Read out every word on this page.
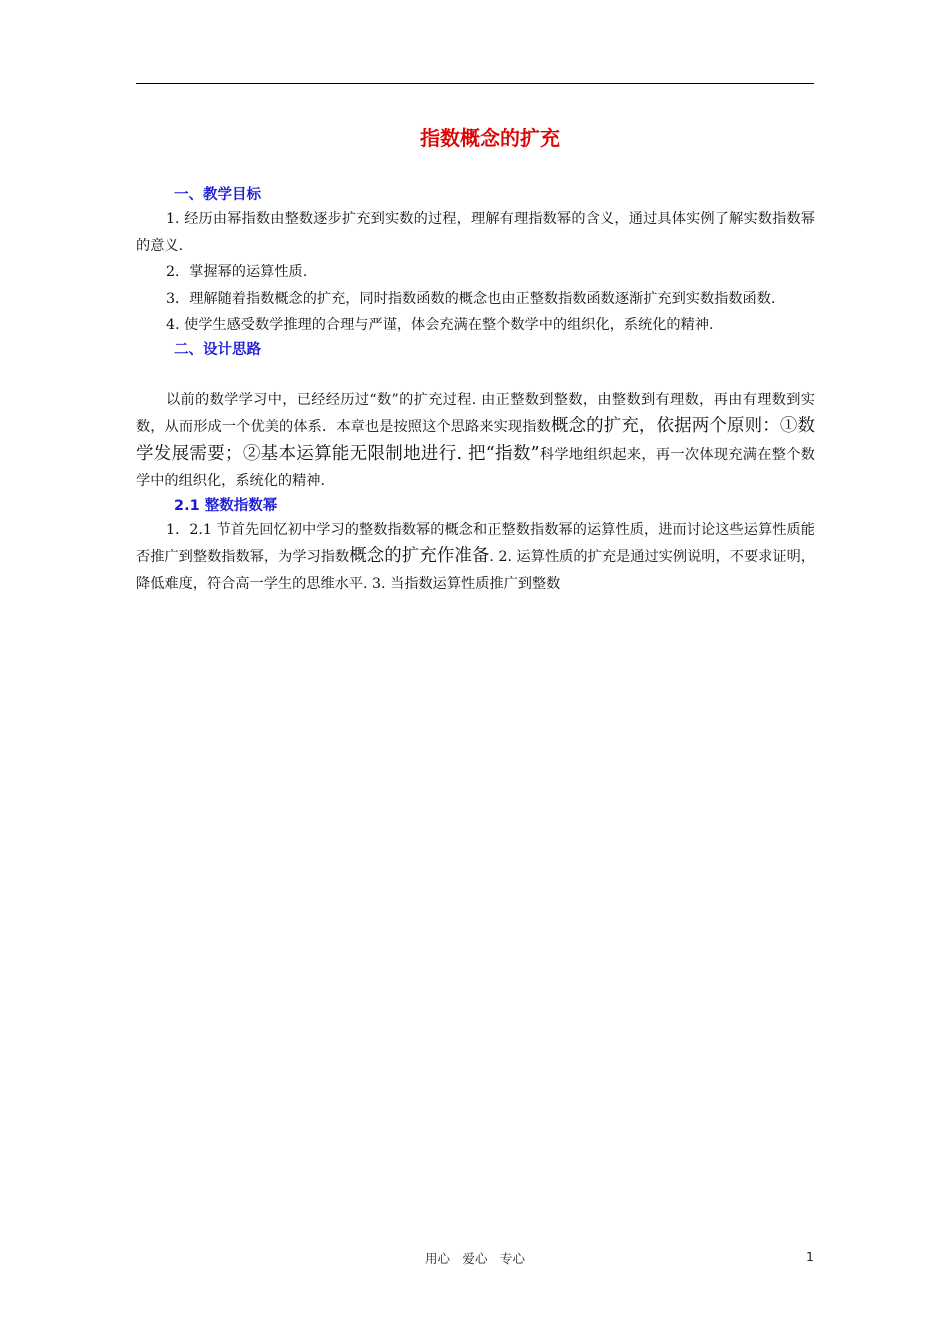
指数概念的扩充
一、教学目标

1. 经历由幂指数由整数逐步扩充到实数的过程，理解有理指数幂的含义，通过具体实例了解实数指数幂的意义.

2．掌握幂的运算性质.

3．理解随着指数概念的扩充，同时指数函数的概念也由正整数指数函数逐渐扩充到实数指数函数.

4. 使学生感受数学推理的合理与严谨，体会充满在整个数学中的组织化，系统化的精神.

二、设计思路

以前的数学学习中，已经经历过“数”的扩充过程. 由正整数到整数，由整数到有理数，再由有理数到实数，从而形成一个优美的体系．本章也是按照这个思路来实现指数概念的扩充，依据两个原则：①数学发展需要；②基本运算能无限制地进行. 把“指数”科学地组织起来，再一次体现充满在整个数学中的组织化，系统化的精神.

2.1 整数指数幂

1．2.1 节首先回忆初中学习的整数指数幂的概念和正整数指数幂的运算性质，进而讨论这些运算性质能否推广到整数指数幂，为学习指数概念的扩充作准备. 2. 运算性质的扩充是通过实例说明，不要求证明，降低难度，符合高一学生的思维水平. 3. 当指数运算性质推广到整数

用心　爱心　专心	1
